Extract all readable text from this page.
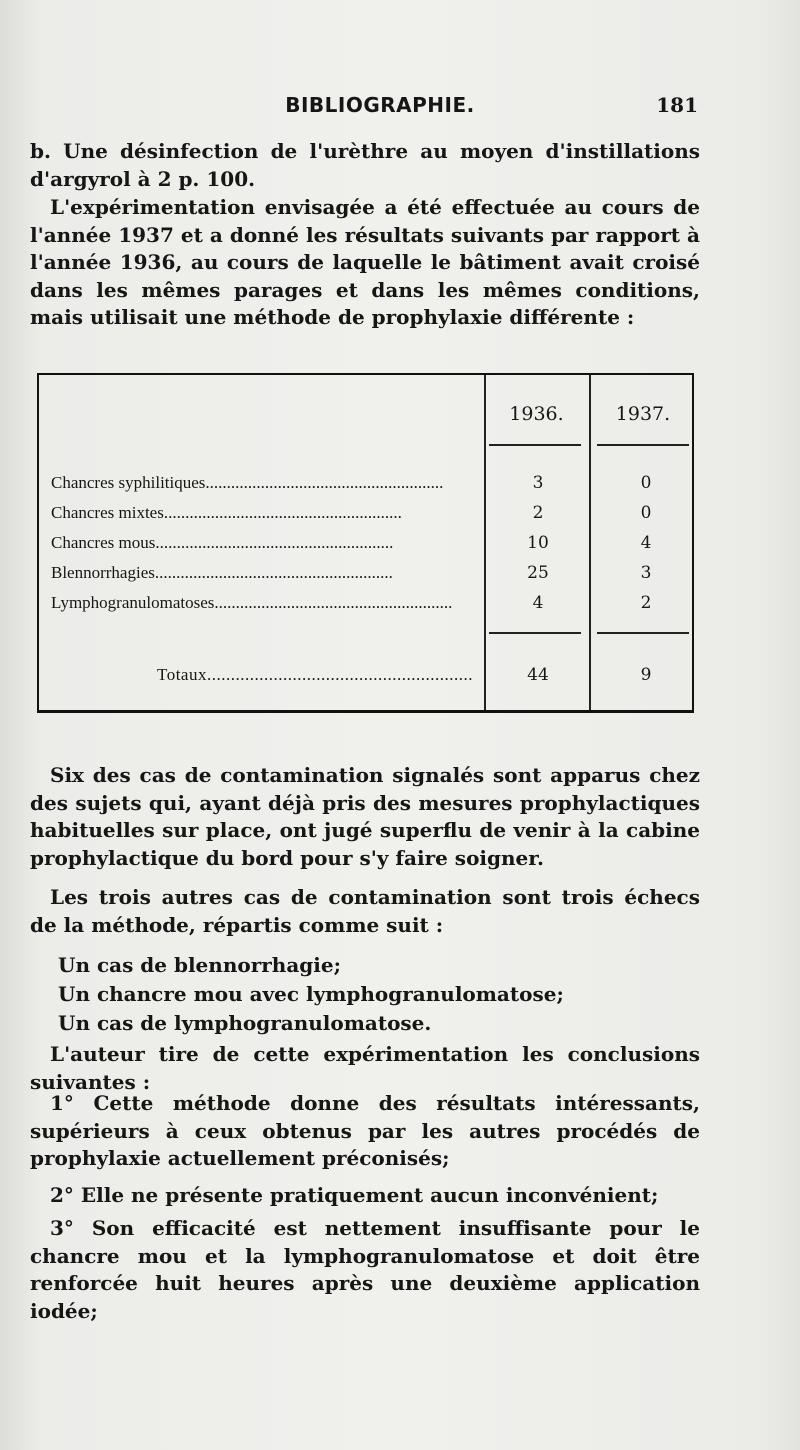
BIBLIOGRAPHIE.	181

b. Une désinfection de l'urèthre au moyen d'instillations d'argyrol à 2 p. 100.

L'expérimentation envisagée a été effectuée au cours de l'année 1937 et a donné les résultats suivants par rapport à l'année 1936, au cours de laquelle le bâtiment avait croisé dans les mêmes parages et dans les mêmes conditions, mais utilisait une méthode de prophylaxie différente :

1936.	1937.
Chancres syphilitiques........................................................	3	0
Chancres mixtes........................................................	2	0
Chancres mous........................................................	10	4
Blennorrhagies........................................................	25	3
Lymphogranulomatoses........................................................	4	2
Totaux........................................................	44	9

Six des cas de contamination signalés sont apparus chez des sujets qui, ayant déjà pris des mesures prophylactiques habituelles sur place, ont jugé superflu de venir à la cabine prophylactique du bord pour s'y faire soigner.

Les trois autres cas de contamination sont trois échecs de la méthode, répartis comme suit :

Un cas de blennorrhagie;
Un chancre mou avec lymphogranulomatose;
Un cas de lymphogranulomatose.

L'auteur tire de cette expérimentation les conclusions suivantes :

1° Cette méthode donne des résultats intéressants, supérieurs à ceux obtenus par les autres procédés de prophylaxie actuellement préconisés;

2° Elle ne présente pratiquement aucun inconvénient;

3° Son efficacité est nettement insuffisante pour le chancre mou et la lymphogranulomatose et doit être renforcée huit heures après une deuxième application iodée;
